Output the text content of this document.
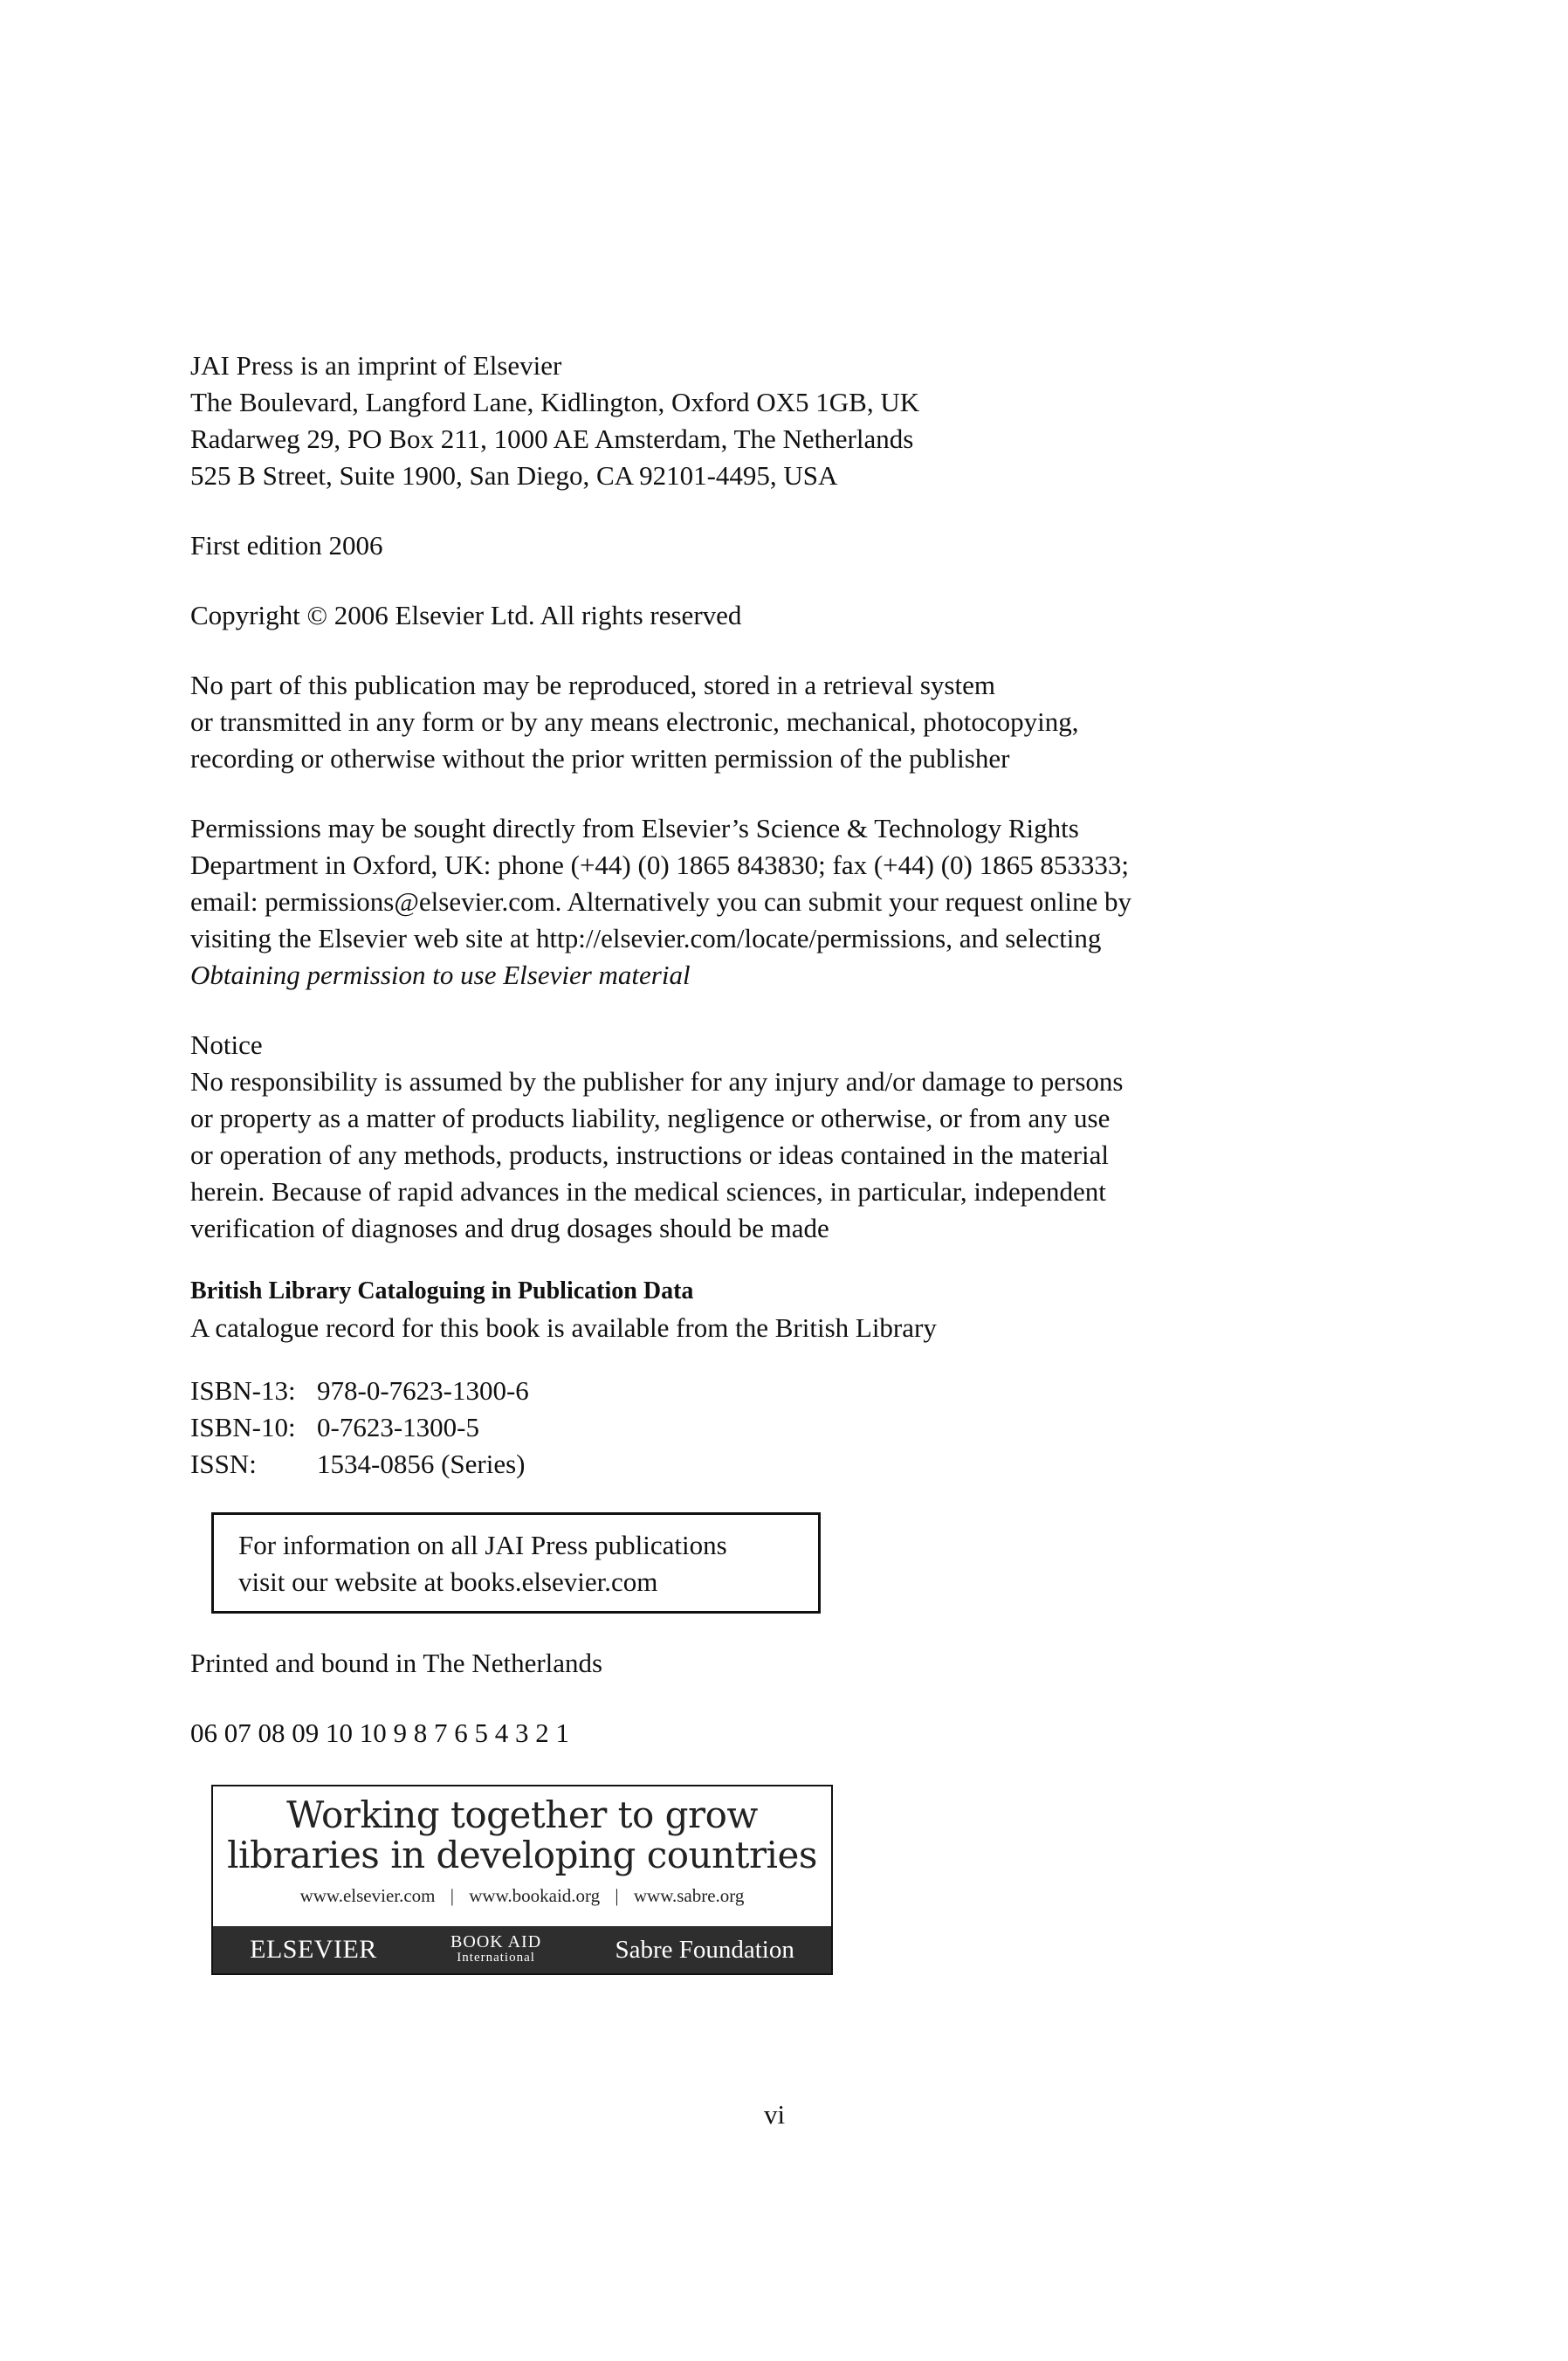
JAI Press is an imprint of Elsevier
The Boulevard, Langford Lane, Kidlington, Oxford OX5 1GB, UK
Radarweg 29, PO Box 211, 1000 AE Amsterdam, The Netherlands
525 B Street, Suite 1900, San Diego, CA 92101-4495, USA
First edition 2006
Copyright © 2006 Elsevier Ltd. All rights reserved
No part of this publication may be reproduced, stored in a retrieval system
or transmitted in any form or by any means electronic, mechanical, photocopying,
recording or otherwise without the prior written permission of the publisher
Permissions may be sought directly from Elsevier’s Science & Technology Rights
Department in Oxford, UK: phone (+44) (0) 1865 843830; fax (+44) (0) 1865 853333;
email: permissions@elsevier.com. Alternatively you can submit your request online by
visiting the Elsevier web site at http://elsevier.com/locate/permissions, and selecting
Obtaining permission to use Elsevier material
Notice
No responsibility is assumed by the publisher for any injury and/or damage to persons
or property as a matter of products liability, negligence or otherwise, or from any use
or operation of any methods, products, instructions or ideas contained in the material
herein. Because of rapid advances in the medical sciences, in particular, independent
verification of diagnoses and drug dosages should be made
British Library Cataloguing in Publication Data
A catalogue record for this book is available from the British Library
ISBN-13: 978-0-7623-1300-6
ISBN-10: 0-7623-1300-5
ISSN:	1534-0856 (Series)
For information on all JAI Press publications
visit our website at books.elsevier.com
Printed and bound in The Netherlands
06 07 08 09 10 10 9 8 7 6 5 4 3 2 1
Working together to grow
libraries in developing countries
www.elsevier.com | www.bookaid.org | www.sabre.org
ELSEVIER	BOOK AID
International	Sabre Foundation
vi
